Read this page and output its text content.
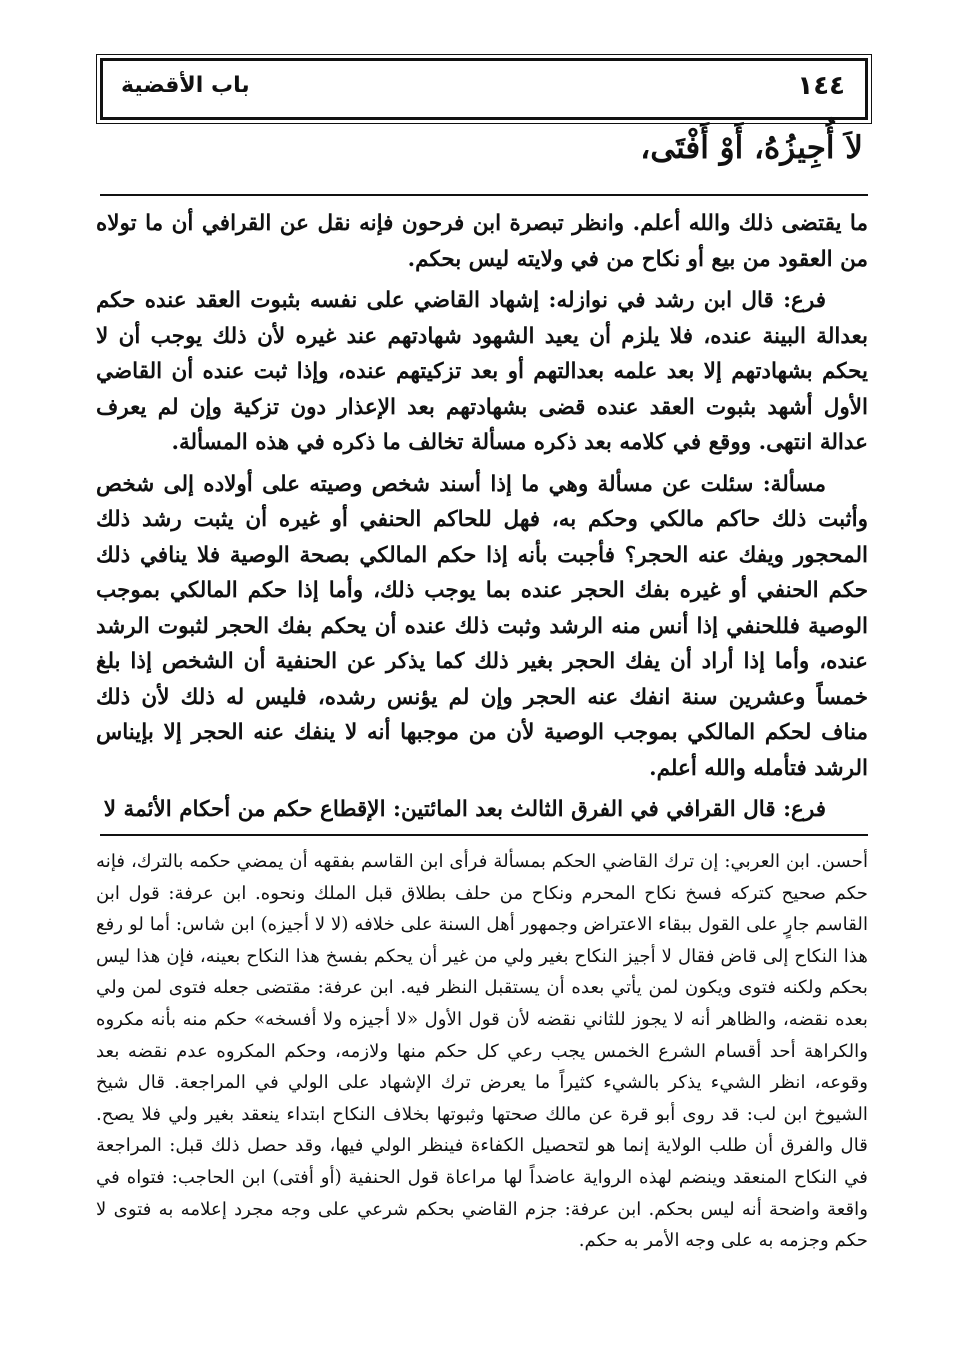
باب الأقضية	١٤٤
لاَ أُجِيزُهُ، أَوْ أَفْتَى،

ما يقتضى ذلك والله أعلم. وانظر تبصرة ابن فرحون فإنه نقل عن القرافي أن ما تولاه من العقود من بيع أو نكاح من في ولايته ليس بحكم.

فرع: قال ابن رشد في نوازله: إشهاد القاضي على نفسه بثبوت العقد عنده حكم بعدالة البينة عنده، فلا يلزم أن يعيد الشهود شهادتهم عند غيره لأن ذلك يوجب أن لا يحكم بشهادتهم إلا بعد علمه بعدالتهم أو بعد تزكيتهم عنده، وإذا ثبت عنده أن القاضي الأول أشهد بثبوت العقد عنده قضى بشهادتهم بعد الإعذار دون تزكية وإن لم يعرف عدالة انتهى. ووقع في كلامه بعد ذكره مسألة تخالف ما ذكره في هذه المسألة.

مسألة: سئلت عن مسألة وهي ما إذا أسند شخص وصيته على أولاده إلى شخص وأثبت ذلك حاكم مالكي وحكم به، فهل للحاكم الحنفي أو غيره أن يثبت رشد ذلك المحجور ويفك عنه الحجر؟ فأجبت بأنه إذا حكم المالكي بصحة الوصية فلا ينافي ذلك حكم الحنفي أو غيره بفك الحجر عنده بما يوجب ذلك، وأما إذا حكم المالكي بموجب الوصية فللحنفي إذا أنس منه الرشد وثبت ذلك عنده أن يحكم بفك الحجر لثبوت الرشد عنده، وأما إذا أراد أن يفك الحجر بغير ذلك كما يذكر عن الحنفية أن الشخص إذا بلغ خمساً وعشرين سنة انفك عنه الحجر وإن لم يؤنس رشده، فليس له ذلك لأن ذلك مناف لحكم المالكي بموجب الوصية لأن من موجبها أنه لا ينفك عنه الحجر إلا بإيناس الرشد فتأمله والله أعلم.

فرع: قال القرافي في الفرق الثالث بعد المائتين: الإقطاع حكم من أحكام الأئمة لا

أحسن. ابن العربي: إن ترك القاضي الحكم بمسألة فرأى ابن القاسم بفقهه أن يمضي حكمه بالترك، فإنه حكم صحيح كتركه فسخ نكاح المحرم ونكاح من حلف بطلاق قبل الملك ونحوه. ابن عرفة: قول ابن القاسم جارٍ على القول ببقاء الاعتراض وجمهور أهل السنة على خلافه (لا لا أجيزه) ابن شاس: أما لو رفع هذا النكاح إلى قاض فقال لا أجيز النكاح بغير ولي من غير أن يحكم بفسخ هذا النكاح بعينه، فإن هذا ليس بحكم ولكنه فتوى ويكون لمن يأتي بعده أن يستقبل النظر فيه. ابن عرفة: مقتضى جعله فتوى لمن ولي بعده نقضه، والظاهر أنه لا يجوز للثاني نقضه لأن قول الأول «لا أجيزه ولا أفسخه» حكم منه بأنه مكروه والكراهة أحد أقسام الشرع الخمس يجب رعي كل حكم منها ولازمه، وحكم المكروه عدم نقضه بعد وقوعه، انظر الشيء يذكر بالشيء كثيراً ما يعرض ترك الإشهاد على الولي في المراجعة. قال شيخ الشيوخ ابن لب: قد روى أبو قرة عن مالك صحتها وثبوتها بخلاف النكاح ابتداء ينعقد بغير ولي فلا يصح. قال والفرق أن طلب الولاية إنما هو لتحصيل الكفاءة فينظر الولي فيها، وقد حصل ذلك قبل: المراجعة في النكاح المنعقد وينضم لهذه الرواية عاضداً لها مراعاة قول الحنفية (أو أفتى) ابن الحاجب: فتواه في واقعة واضحة أنه ليس بحكم. ابن عرفة: جزم القاضي بحكم شرعي على وجه مجرد إعلامه به فتوى لا حكم وجزمه به على وجه الأمر به حكم.
